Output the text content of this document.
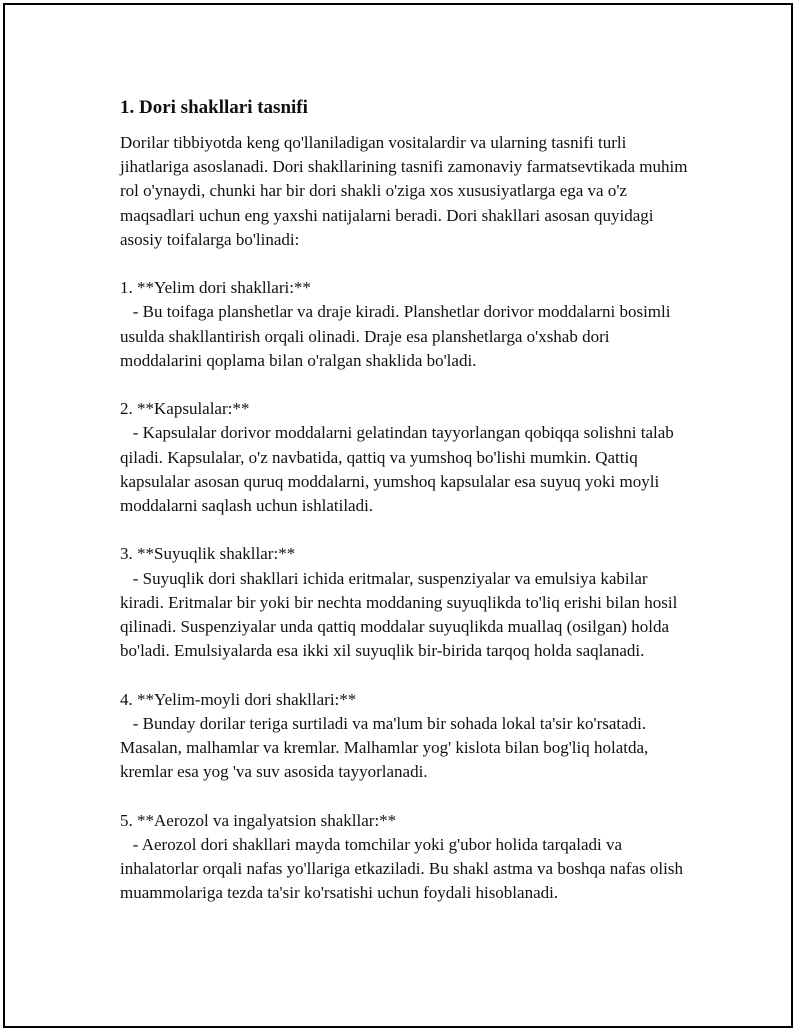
1. Dori shakllari tasnifi

Dorilar tibbiyotda keng qo'llaniladigan vositalardir va ularning tasnifi turli jihatlariga asoslanadi. Dori shakllarining tasnifi zamonaviy farmatsevtikada muhim rol o'ynaydi, chunki har bir dori shakli o'ziga xos xususiyatlarga ega va o'z maqsadlari uchun eng yaxshi natijalarni beradi. Dori shakllari asosan quyidagi asosiy toifalarga bo'linadi:

1. **Yelim dori shakllari:**

- Bu toifaga planshetlar va draje kiradi. Planshetlar dorivor moddalarni bosimli usulda shakllantirish orqali olinadi. Draje esa planshetlarga o'xshab dori moddalarini qoplama bilan o'ralgan shaklida bo'ladi.

2. **Kapsulalar:**

- Kapsulalar dorivor moddalarni gelatindan tayyorlangan qobiqqa solishni talab qiladi. Kapsulalar, o'z navbatida, qattiq va yumshoq bo'lishi mumkin. Qattiq kapsulalar asosan quruq moddalarni, yumshoq kapsulalar esa suyuq yoki moyli moddalarni saqlash uchun ishlatiladi.

3. **Suyuqlik shakllar:**

- Suyuqlik dori shakllari ichida eritmalar, suspenziyalar va emulsiya kabilar kiradi. Eritmalar bir yoki bir nechta moddaning suyuqlikda to'liq erishi bilan hosil qilinadi. Suspenziyalar unda qattiq moddalar suyuqlikda muallaq (osilgan) holda bo'ladi. Emulsiyalarda esa ikki xil suyuqlik bir-birida tarqoq holda saqlanadi.

4. **Yelim-moyli dori shakllari:**

- Bunday dorilar teriga surtiladi va ma'lum bir sohada lokal ta'sir ko'rsatadi. Masalan, malhamlar va kremlar. Malhamlar yog' kislota bilan bog'liq holatda, kremlar esa yog 'va suv asosida tayyorlanadi.

5. **Aerozol va ingalyatsion shakllar:**

- Aerozol dori shakllari mayda tomchilar yoki g'ubor holida tarqaladi va inhalatorlar orqali nafas yo'llariga etkaziladi. Bu shakl astma va boshqa nafas olish muammolariga tezda ta'sir ko'rsatishi uchun foydali hisoblanadi.
